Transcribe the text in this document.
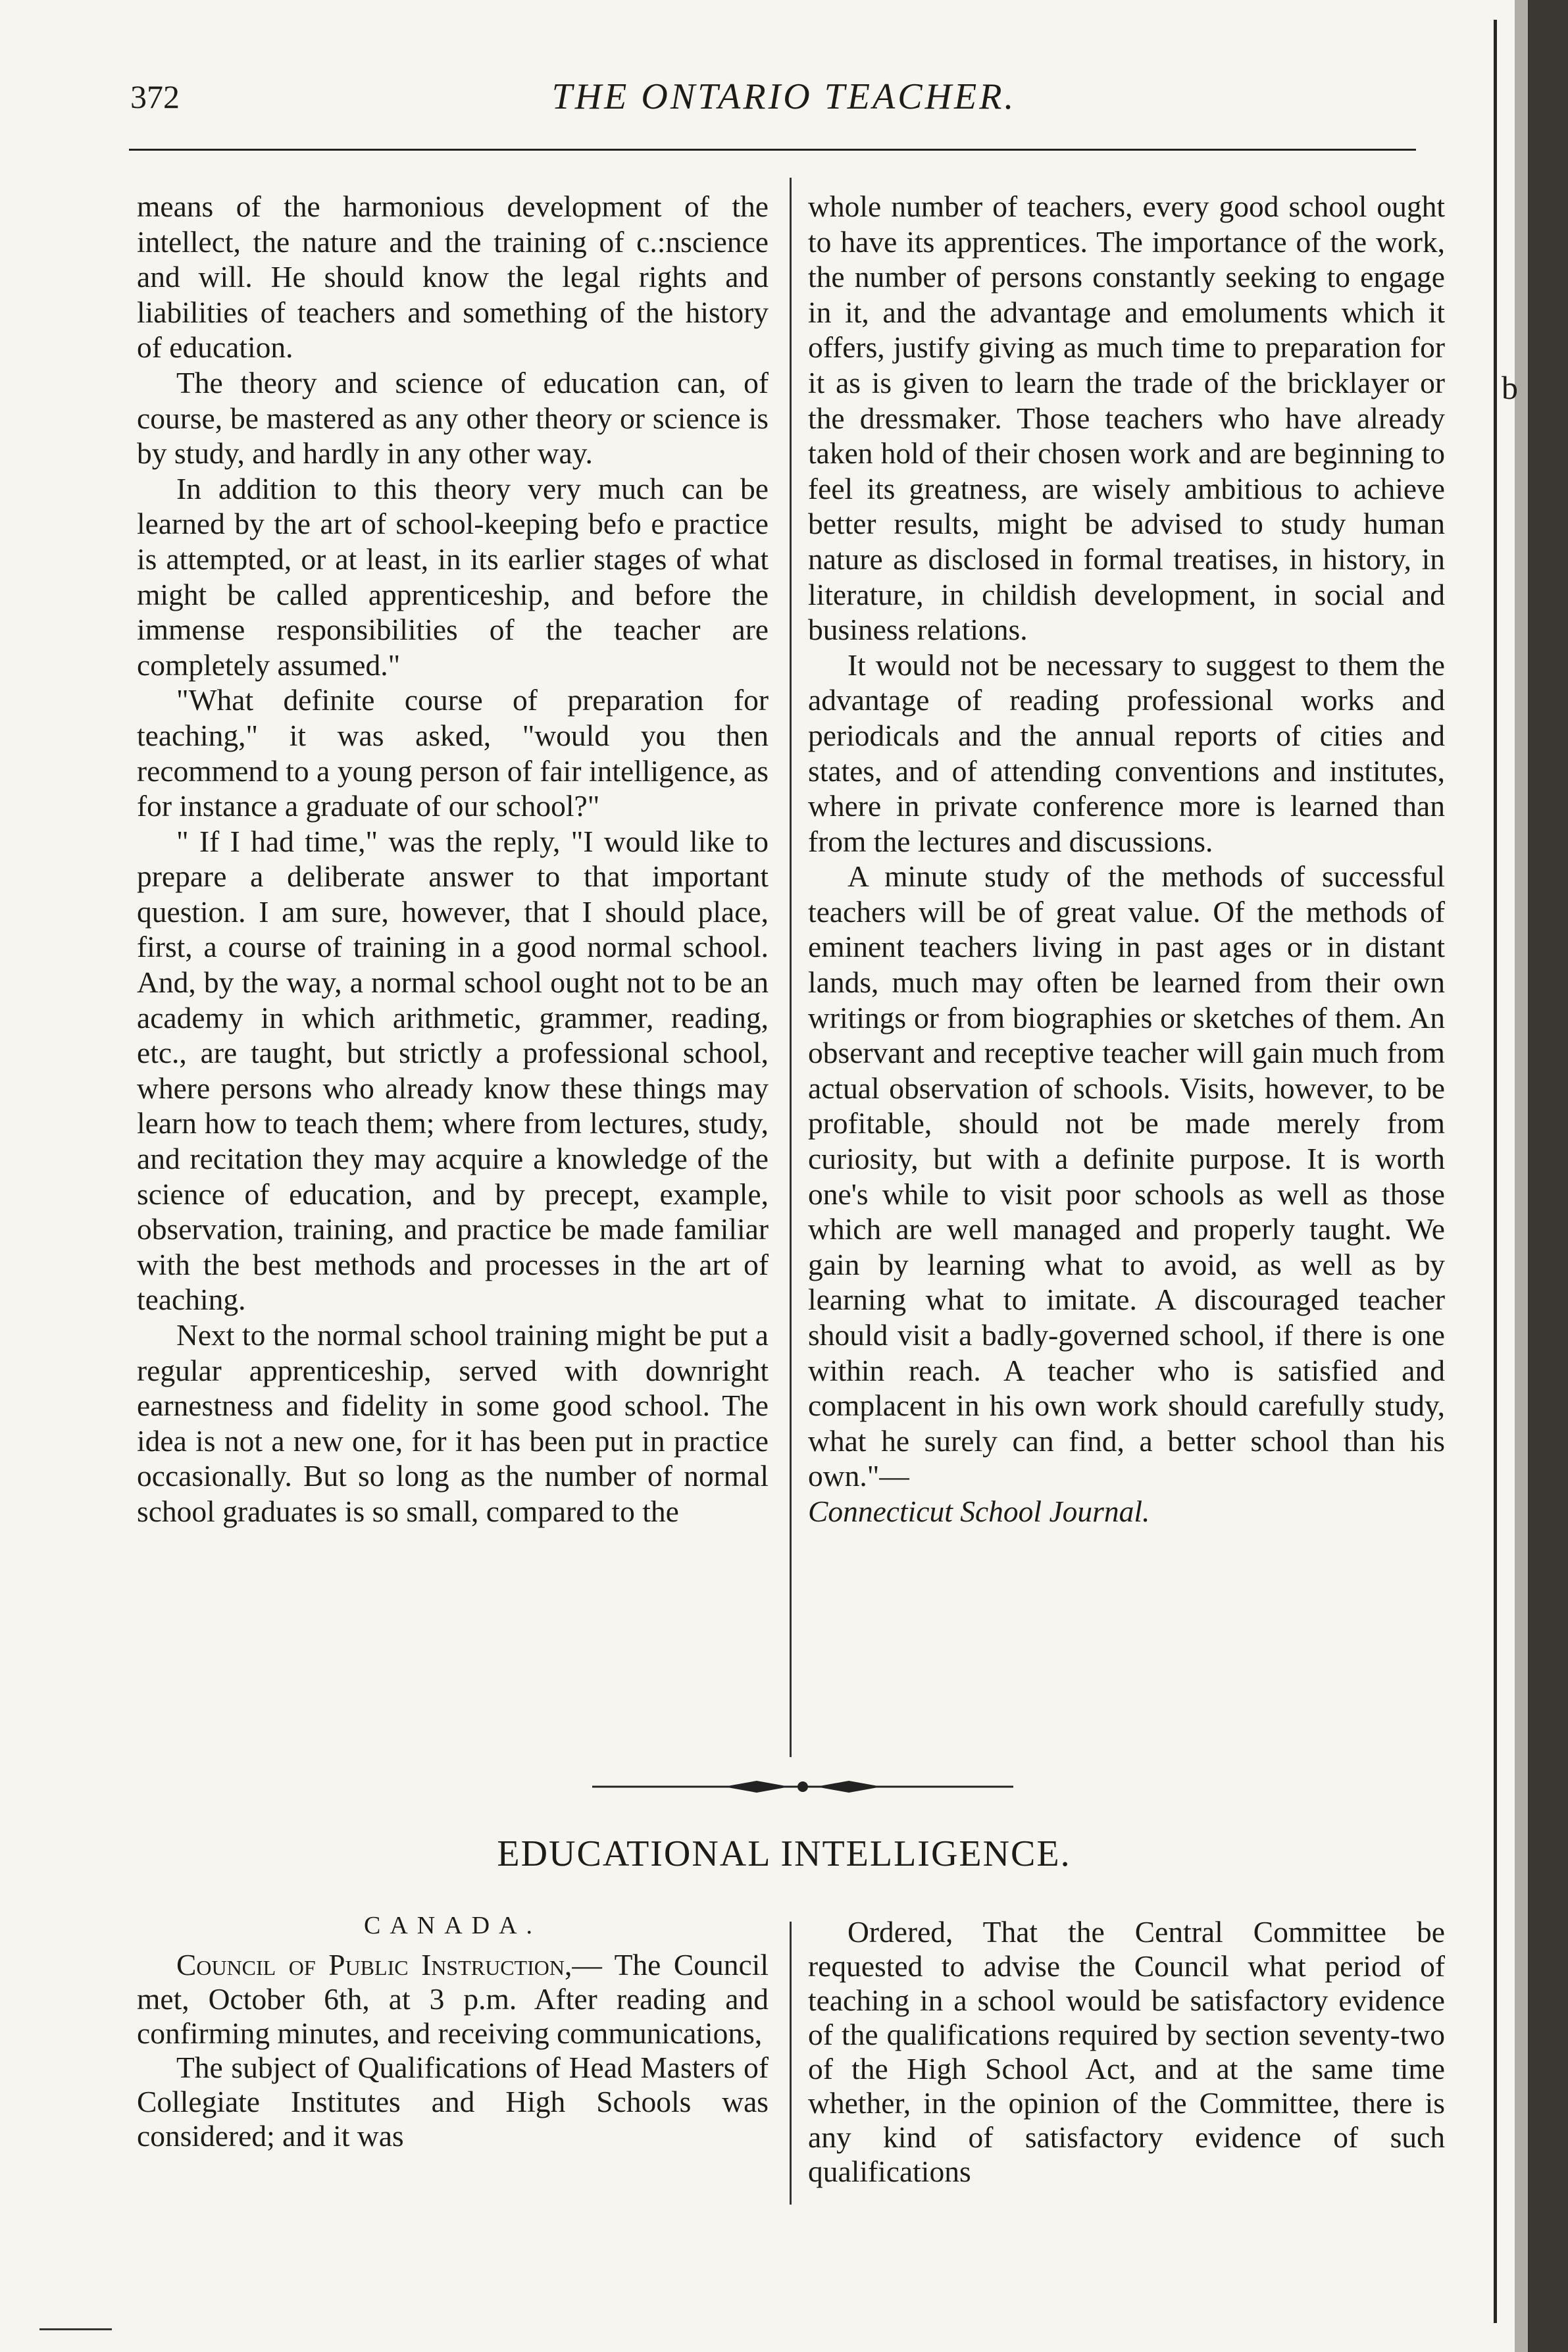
372	THE ONTARIO TEACHER.

means of the harmonious development of the intellect, the nature and the training of c.:nscience and will. He should know the legal rights and liabilities of teachers and something of the history of education.

The theory and science of education can, of course, be mastered as any other theory or science is by study, and hardly in any other way.

In addition to this theory very much can be learned by the art of school-keeping befo e practice is attempted, or at least, in its earlier stages of what might be called apprenticeship, and before the immense responsibilities of the teacher are completely assumed."

"What definite course of preparation for teaching," it was asked, "would you then recommend to a young person of fair intelligence, as for instance a graduate of our school?"

" If I had time," was the reply, "I would like to prepare a deliberate answer to that important question. I am sure, however, that I should place, first, a course of training in a good normal school. And, by the way, a normal school ought not to be an academy in which arithmetic, grammer, reading, etc., are taught, but strictly a professional school, where persons who already know these things may learn how to teach them; where from lectures, study, and recitation they may acquire a knowledge of the science of education, and by precept, example, observation, training, and practice be made familiar with the best methods and processes in the art of teaching.

Next to the normal school training might be put a regular apprenticeship, served with downright earnestness and fidelity in some good school. The idea is not a new one, for it has been put in practice occasionally. But so long as the number of normal school graduates is so small, compared to the

whole number of teachers, every good school ought to have its apprentices. The importance of the work, the number of persons constantly seeking to engage in it, and the advantage and emoluments which it offers, justify giving as much time to preparation for it as is given to learn the trade of the bricklayer or the dressmaker. Those teachers who have already taken hold of their chosen work and are beginning to feel its greatness, are wisely ambitious to achieve better results, might be advised to study human nature as disclosed in formal treatises, in history, in literature, in childish development, in social and business relations.

It would not be necessary to suggest to them the advantage of reading professional works and periodicals and the annual reports of cities and states, and of attending conventions and institutes, where in private conference more is learned than from the lectures and discussions.

A minute study of the methods of successful teachers will be of great value. Of the methods of eminent teachers living in past ages or in distant lands, much may often be learned from their own writings or from biographies or sketches of them. An observant and receptive teacher will gain much from actual observation of schools. Visits, however, to be profitable, should not be made merely from curiosity, but with a definite purpose. It is worth one's while to visit poor schools as well as those which are well managed and properly taught. We gain by learning what to avoid, as well as by learning what to imitate. A discouraged teacher should visit a badly-governed school, if there is one within reach. A teacher who is satisfied and complacent in his own work should carefully study, what he surely can find, a better school than his own."—

Connecticut School Journal.

EDUCATIONAL INTELLIGENCE.

CANADA.

Council of Public Instruction,— The Council met, October 6th, at 3 p.m. After reading and confirming minutes, and receiving communications,

The subject of Qualifications of Head Masters of Collegiate Institutes and High Schools was considered; and it was

Ordered, That the Central Committee be requested to advise the Council what period of teaching in a school would be satisfactory evidence of the qualifications required by section seventy-two of the High School Act, and at the same time whether, in the opinion of the Committee, there is any kind of satisfactory evidence of such qualifications

b
